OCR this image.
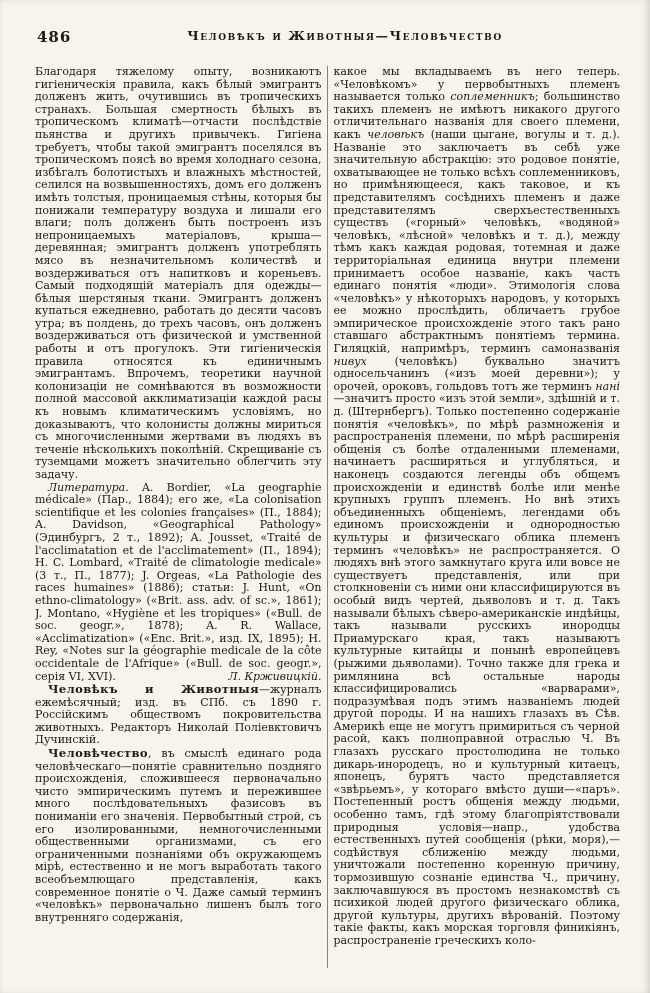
486	Человѣкъ и Животныя—Человѣчество

Благодаря тяжелому опыту, возникаютъ гигіеническія правила, какъ бѣлый эмигрантъ долженъ жить, очутившись въ тропическихъ странахъ. Большая смертность бѣлыхъ въ тропическомъ климатѣ—отчасти послѣдствіе пьянства и другихъ привычекъ. Гигіена требуетъ, чтобы такой эмигрантъ поселялся въ тропическомъ поясѣ во время холоднаго сезона, избѣгалъ болотистыхъ и влажныхъ мѣстностей, селился на возвышенностяхъ, домъ его долженъ имѣть толстыя, проницаемыя стѣны, которыя бы понижали температуру воздуха и лишали его влаги; полъ долженъ быть построенъ изъ непроницаемыхъ матеріаловъ, крыша—деревянная; эмигрантъ долженъ употреблять мясо въ незначительномъ количествѣ и воздерживаться отъ напитковъ и кореньевъ. Самый подходящій матеріалъ для одежды—бѣлыя шерстяныя ткани. Эмигрантъ долженъ купаться ежедневно, работать до десяти часовъ утра; въ полдень, до трехъ часовъ, онъ долженъ воздерживаться отъ физической и умственной работы и отъ прогулокъ. Эти гигіеническія правила относятся къ единичнымъ эмигрантамъ. Впрочемъ, теоретики научной колонизаціи не сомнѣваются въ возможности полной массовой акклиматизаціи каждой расы къ новымъ климатическимъ условіямъ, но доказываютъ, что колонисты должны мириться съ многочисленными жертвами въ людяхъ въ теченіе нѣсколькихъ поколѣній. Скрещиваніе съ туземцами можетъ значительно облегчить эту задачу.

Литература. A. Bordier, «La geographie médicale» (Пар., 1884); его же, «La colonisation scientifique et les colonies françaises» (П., 1884); A. Davidson, «Geographical Pathology» (Эдинбургъ, 2 т., 1892); A. Jousset, «Traité de l'acclimatation et de l'acclimatement» (П., 1894); H. C. Lombard, «Traité de climatologie medicale» (3 т., П., 1877); J. Orgeas, «La Pathologie des races humaines» (1886); статьи: J. Hunt, «On ethno-climatology» («Brit. ass. adv. of sc.», 1861); J. Montano, «Hygiène et les tropiques» («Bull. de soc. geogr.», 1878); A. R. Wallace, «Acclimatization» («Enc. Brit.», изд. IX, 1895); H. Rey, «Notes sur la géographie medicale de la côte occidentale de l'Afrique» («Bull. de soc. geogr.», серія VI, XVI).	Л. Крживицкій.

Человѣкъ и Животныя—журналъ ежемѣсячный; изд. въ СПб. съ 1890 г. Россійскимъ обществомъ покровительства животныхъ. Редакторъ Николай Поліевктовичъ Дучинскій.

Человѣчество, въ смыслѣ единаго рода человѣческаго—понятіе сравнительно поздняго происхожденія, сложившееся первоначально чисто эмпирическимъ путемъ и пережившее много послѣдовательныхъ фазисовъ въ пониманіи его значенія. Первобытный строй, съ его изолированными, немногочисленными общественными организмами, съ его ограниченными познаніями объ окружающемъ мірѣ, естественно и не могъ выработать такого всеобъемлющаго представленія, какъ современное понятіе о Ч. Даже самый терминъ «человѣкъ» первоначально лишенъ былъ того внутренняго содержанія,

какое мы вкладываемъ въ него теперь. «Человѣкомъ» у первобытныхъ племенъ называется только соплеменникъ; большинство такихъ племенъ не имѣютъ никакого другого отличительнаго названія для своего племени, какъ человѣкъ (наши цыгане, вогулы и т. д.). Названіе это заключаетъ въ себѣ уже значительную абстракцію: это родовое понятіе, охватывающее не только всѣхъ соплеменниковъ, но примѣняющееся, какъ таковое, и къ представителямъ сосѣднихъ племенъ и даже представителямъ сверхъестественныхъ существъ («горный» человѣкъ, «водяной» человѣкъ, «лѣсной» человѣкъ и т. д.), между тѣмъ какъ каждая родовая, тотемная и даже территоріальная единица внутри племени принимаетъ особое названіе, какъ часть единаго понятія «люди». Этимологія слова «человѣкъ» у нѣкоторыхъ народовъ, у которыхъ ее можно прослѣдить, обличаетъ грубое эмпирическое происхожденіе этого такъ рано ставшаго абстрактнымъ понятіемъ термина. Гиляцкій, напримѣръ, терминъ самоназванія нивух (человѣкъ) буквально значитъ односельчанинъ («изъ моей деревни»); у орочей, ороковъ, гольдовъ тотъ же терминъ нані—значитъ просто «изъ этой земли», здѣшній и т. д. (Штернбергъ). Только постепенно содержаніе понятія «человѣкъ», по мѣрѣ размноженія и распространенія племени, по мѣрѣ расширенія общенія съ болѣе отдаленными племенами, начинаетъ расширяться и углубляться, и наконецъ создаются легенды объ общемъ происхожденіи и единствѣ болѣе или менѣе крупныхъ группъ племенъ. Но внѣ этихъ объединенныхъ общеніемъ, легендами объ единомъ происхожденіи и однородностью культуры и физическаго облика племенъ терминъ «человѣкъ» не распространяется. О людяхъ внѣ этого замкнутаго круга или вовсе не существуетъ представленія, или при столкновеніи съ ними они классифицируются въ особый видъ чертей, дьяволовъ и т. д. Такъ называли бѣлыхъ сѣверо-американскіе индѣйцы, такъ называли русскихъ инородцы Приамурскаго края, такъ называютъ культурные китайцы и понынѣ европейцевъ (рыжими дьяволами). Точно также для грека и римлянина всѣ остальные народы классифицировались «варварами», подразумѣвая подъ этимъ названіемъ людей другой породы. И на нашихъ глазахъ въ Сѣв. Америкѣ еще не могутъ примириться съ черной расой, какъ полноправной отраслью Ч. Въ глазахъ русскаго простолюдина не только дикарь-инородецъ, но и культурный китаецъ, японецъ, бурятъ часто представляется «звѣрьемъ», у котораго вмѣсто души—«паръ». Постепенный ростъ общенія между людьми, особенно тамъ, гдѣ этому благопріятствовали природныя условія—напр., удобства естественныхъ путей сообщенія (рѣки, моря),—содѣйствуя сближенію между людьми, уничтожали постепенно коренную причину, тормозившую сознаніе единства Ч., причину, заключавшуюся въ простомъ незнакомствѣ съ психикой людей другого физическаго облика, другой культуры, другихъ вѣрованій. Поэтому такіе факты, какъ морская торговля финикіянъ, распространеніе греческихъ коло-
